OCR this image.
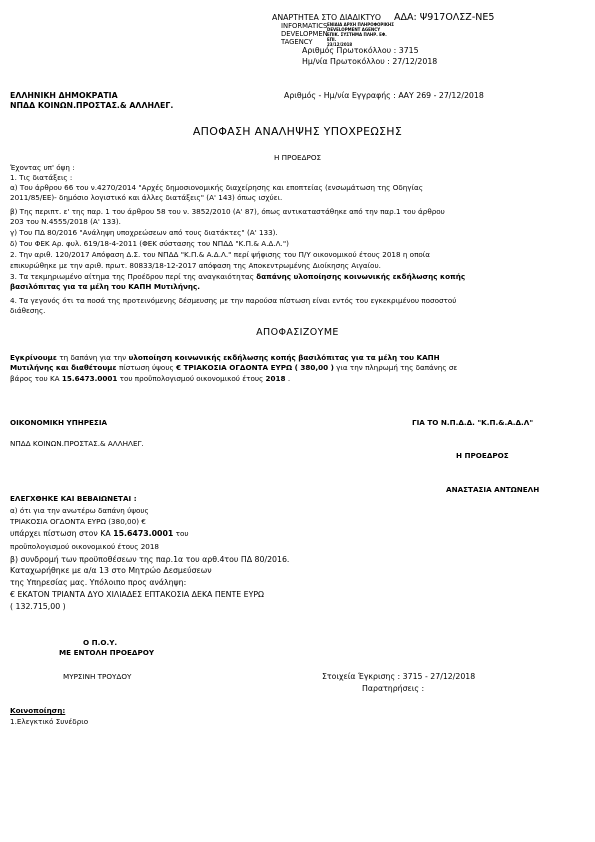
ΑΝΑΡΤΗΤΕΑ ΣΤΟ ΔΙΑΔΙΚΤΥΟ ΑΔΑ: Ψ917ΟΛΣΖ-ΝΕ5
INFORMATICS
DEVELOPMEN
TAGENCY
ΕΝΙΑΙΑ ΑΡΧΗ ΠΛΗΡΟΦΟΡΙΚΗΣ
DEVELOPMENT AGENCY
ΕΠΙΚ. ΣΥΣΤΗΜΑ ΠΛΗΡ. ΕΦ.
ΕΠΙ.
23/12/2018
Αριθμός Πρωτοκόλλου : 3715
Ημ/νία Πρωτοκόλλου : 27/12/2018
ΕΛΛΗΝΙΚΗ ΔΗΜΟΚΡΑΤΙΑ
ΝΠΔΔ ΚΟΙΝΩΝ.ΠΡΟΣΤΑΣ.& ΑΛΛΗΛΕΓ.
Αριθμός - Ημ/νία Εγγραφής : ΑΑΥ 269 - 27/12/2018
ΑΠΟΦΑΣΗ ΑΝΑΛΗΨΗΣ ΥΠΟΧΡΕΩΣΗΣ
Η ΠΡΟΕΔΡΟΣ
Έχοντας υπ' όψη :
1. Τις διατάξεις :
α) Του άρθρου 66 του ν.4270/2014 "Αρχές δημοσιονομικής διαχείρησης και εποπτείας (ενσωμάτωση της Οδηγίας
2011/85/ΕΕ)- δημόσιο λογιστικό και άλλες διατάξεις" (Α' 143) όπως ισχύει.
β) Της περιπτ. ε' της παρ. 1 του άρθρου 58 του ν. 3852/2010 (Α' 87), όπως αντικαταστάθηκε από την παρ.1 του άρθρου
203 του Ν.4555/2018 (Α' 133).
γ) Του ΠΔ 80/2016 "Ανάληψη υποχρεώσεων από τους διατάκτες" (Α' 133).
δ) Του ΦΕΚ Αρ. φυλ. 619/18-4-2011 (ΦΕΚ σύστασης του ΝΠΔΔ "Κ.Π.& Α.Δ.Λ.")
2. Την αριθ. 120/2017 Απόφαση Δ.Σ. του ΝΠΔΔ "Κ.Π.& Α.Δ.Λ." περί ψήφισης του Π/Υ οικονομικού έτους 2018 η οποία
επικυρώθηκε με την αριθ. πρωτ. 80833/18-12-2017 απόφαση της Αποκεντρωμένης Διοίκησης Αιγαίου.
3. Τα τεκμηριωμένο αίτημα της Προέδρου περί της αναγκαιότητας δαπάνης υλοποίησης κοινωνικής εκδήλωσης κοπής
βασιλόπιτας για τα μέλη του ΚΑΠΗ Μυτιλήνης.
4. Τα γεγονός ότι τα ποσά της προτεινόμενης δέσμευσης με την παρούσα πίστωση είναι εντός του εγκεκριμένου ποσοστού
διάθεσης.
ΑΠΟΦΑΣΙΖΟΥΜΕ
Εγκρίνουμε τη δαπάνη για την υλοποίηση κοινωνικής εκδήλωσης κοπής βασιλόπιτας για τα μέλη του ΚΑΠΗ
Μυτιλήνης και διαθέτουμε πίστωση ύψους € ΤΡΙΑΚΟΣΙΑ ΟΓΔΟΝΤΑ ΕΥΡΩ ( 380,00 ) για την πληρωμή της δαπάνης σε
βάρος του ΚΑ 15.6473.0001 του προϋπολογισμού οικονομικού έτους 2018 .
ΟΙΚΟΝΟΜΙΚΗ ΥΠΗΡΕΣΙΑ	ΓΙΑ ΤΟ Ν.Π.Δ.Δ. "Κ.Π.&.Α.Δ.Λ"
ΝΠΔΔ ΚΟΙΝΩΝ.ΠΡΟΣΤΑΣ.& ΑΛΛΗΛΕΓ.
Η ΠΡΟΕΔΡΟΣ
ΑΝΑΣΤΑΣΙΑ ΑΝΤΩΝΕΛΗ
ΕΛΕΓΧΘΗΚΕ ΚΑΙ ΒΕΒΑΙΩΝΕΤΑΙ :
α) ότι για την ανωτέρω δαπάνη ύψους
ΤΡΙΑΚΟΣΙΑ ΟΓΔΟΝΤΑ ΕΥΡΩ (380,00) €
υπάρχει πίστωση στον ΚΑ 15.6473.0001 του
προϋπολογισμού οικονομικού έτους 2018
β) συνδρομή των προϋποθέσεων της παρ.1α του αρθ.4του ΠΔ 80/2016.
Καταχωρήθηκε με α/α 13 στο Μητρώο Δεσμεύσεων
της Υπηρεσίας μας. Υπόλοιπο προς ανάληψη:
€ ΕΚΑΤΟΝ ΤΡΙΑΝΤΑ ΔΥΟ ΧΙΛΙΑΔΕΣ ΕΠΤΑΚΟΣΙΑ ΔΕΚΑ ΠΕΝΤΕ ΕΥΡΩ
( 132.715,00 )
Ο Π.Ο.Υ.
ΜΕ ΕΝΤΟΛΗ ΠΡΟΕΔΡΟΥ
ΜΥΡΣΙΝΗ ΤΡΟΥΔΟΥ	Στοιχεία Έγκρισης : 3715 - 27/12/2018
Παρατηρήσεις :
Κοινοποίηση:
1.Ελεγκτικό Συνέδριο
